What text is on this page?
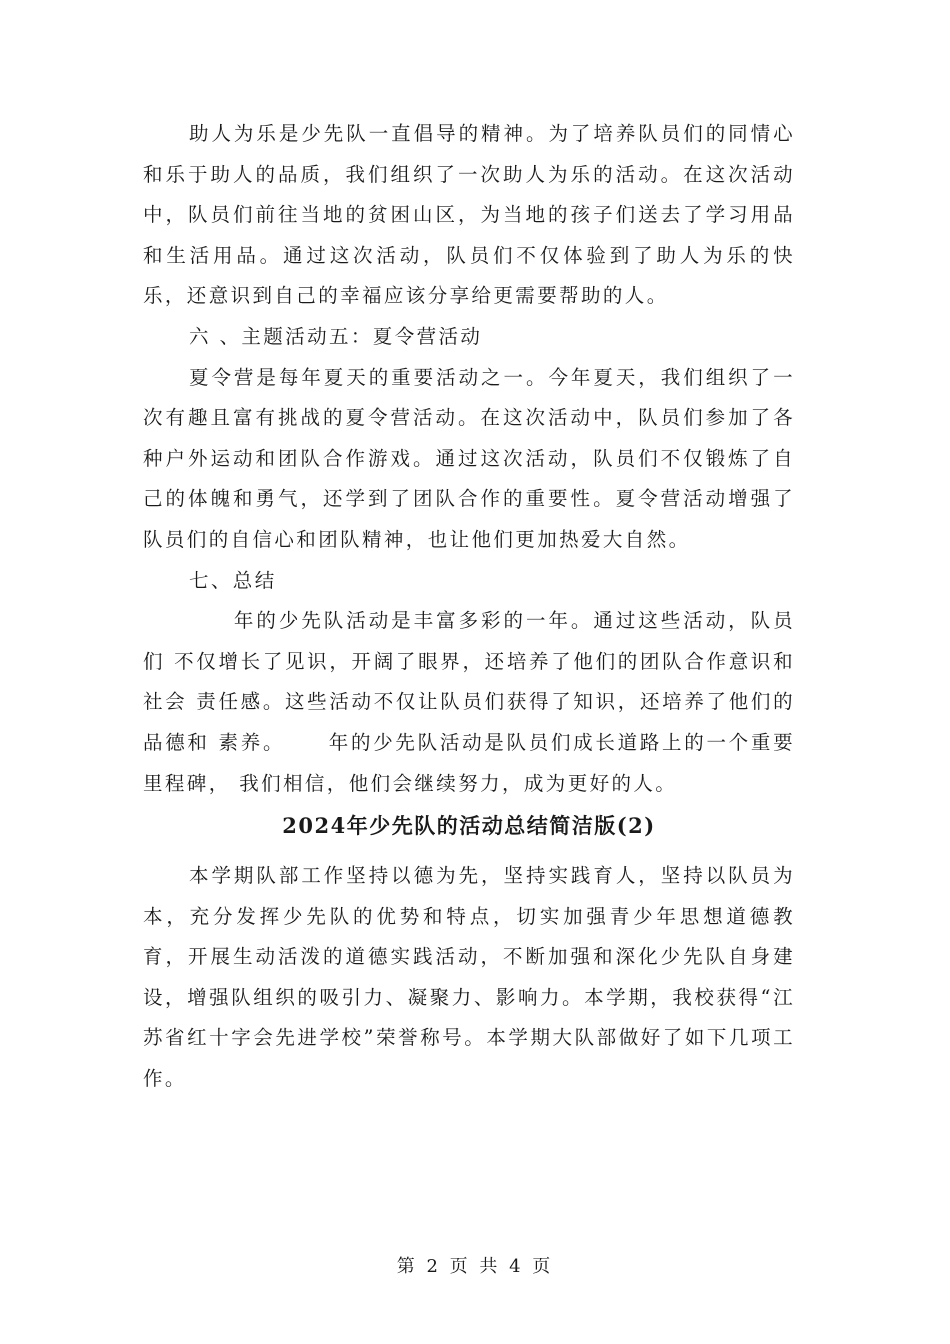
助人为乐是少先队一直倡导的精神。为了培养队员们的同情心和乐于助人的品质，我们组织了一次助人为乐的活动。在这次活动中，队员们前往当地的贫困山区，为当地的孩子们送去了学习用品和生活用品。通过这次活动，队员们不仅体验到了助人为乐的快乐，还意识到自己的幸福应该分享给更需要帮助的人。

六 、主题活动五：夏令营活动

夏令营是每年夏天的重要活动之一。今年夏天，我们组织了一次有趣且富有挑战的夏令营活动。在这次活动中，队员们参加了各种户外运动和团队合作游戏。通过这次活动，队员们不仅锻炼了自己的体魄和勇气，还学到了团队合作的重要性。夏令营活动增强了队员们的自信心和团队精神，也让他们更加热爱大自然。

七、总结

　　年的少先队活动是丰富多彩的一年。通过这些活动，队员们 不仅增长了见识，开阔了眼界，还培养了他们的团队合作意识和社会 责任感。这些活动不仅让队员们获得了知识，还培养了他们的品德和 素养。　　 年的少先队活动是队员们成长道路上的一个重要里程碑， 我们相信，他们会继续努力，成为更好的人。

2024年少先队的活动总结简洁版(2)

本学期队部工作坚持以德为先，坚持实践育人，坚持以队员为本，充分发挥少先队的优势和特点，切实加强青少年思想道德教育，开展生动活泼的道德实践活动，不断加强和深化少先队自身建设，增强队组织的吸引力、凝聚力、影响力。本学期，我校获得“江苏省红十字会先进学校”荣誉称号。本学期大队部做好了如下几项工作。

第 2 页 共 4 页
